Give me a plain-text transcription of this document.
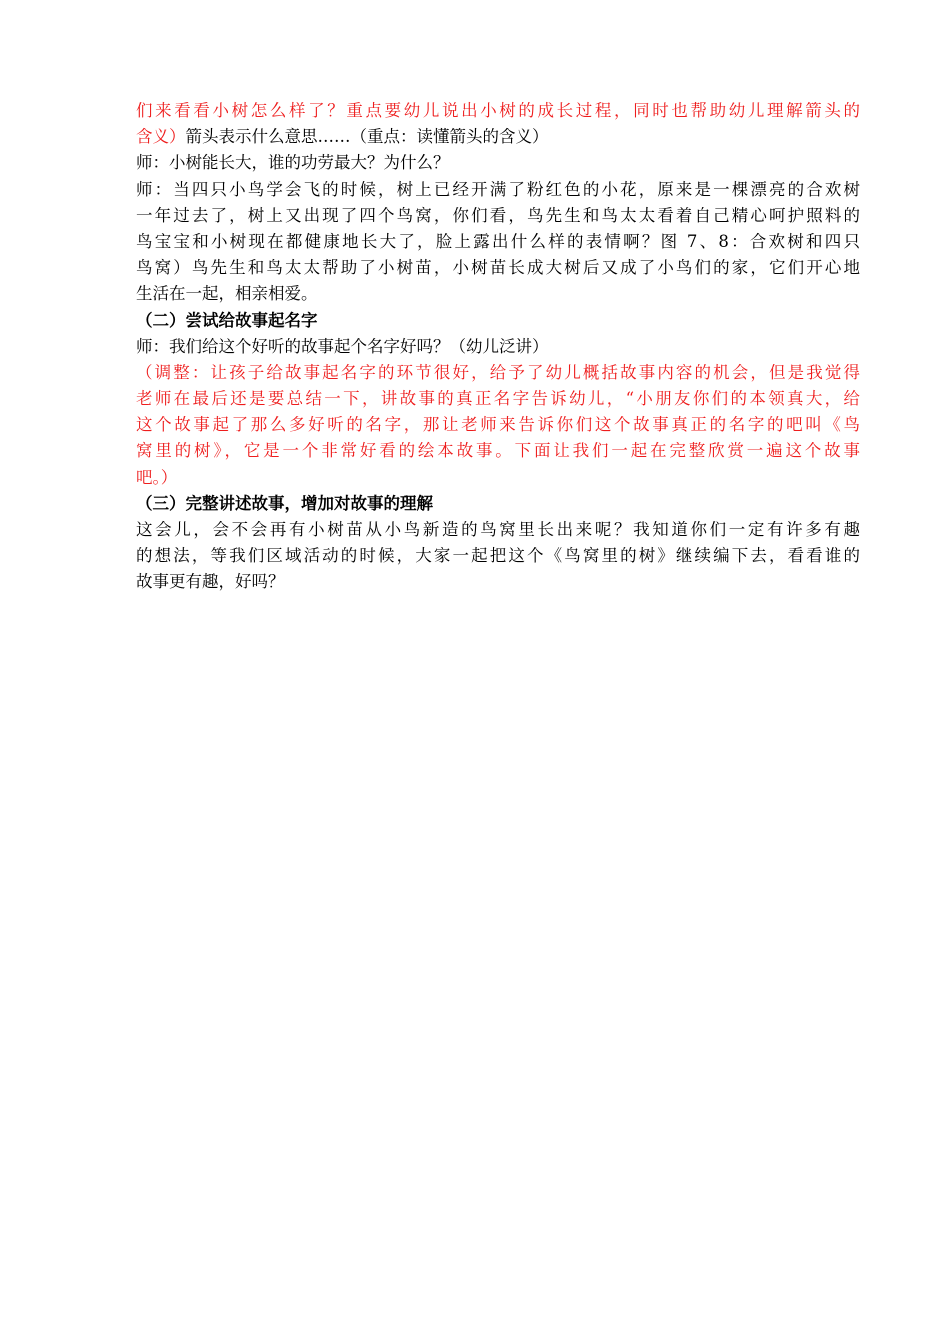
们来看看小树怎么样了？重点要幼儿说出小树的成长过程，同时也帮助幼儿理解箭头的
含义）箭头表示什么意思……（重点：读懂箭头的含义）
师：小树能长大，谁的功劳最大？为什么？
师：当四只小鸟学会飞的时候，树上已经开满了粉红色的小花，原来是一棵漂亮的合欢树
一年过去了，树上又出现了四个鸟窝，你们看，鸟先生和鸟太太看着自己精心呵护照料的
鸟宝宝和小树现在都健康地长大了，脸上露出什么样的表情啊？图 7、8：合欢树和四只
鸟窝）鸟先生和鸟太太帮助了小树苗，小树苗长成大树后又成了小鸟们的家，它们开心地
生活在一起，相亲相爱。
（二）尝试给故事起名字
师：我们给这个好听的故事起个名字好吗？（幼儿泛讲）
（调整：让孩子给故事起名字的环节很好，给予了幼儿概括故事内容的机会，但是我觉得
老师在最后还是要总结一下，讲故事的真正名字告诉幼儿，“小朋友你们的本领真大，给
这个故事起了那么多好听的名字，那让老师来告诉你们这个故事真正的名字的吧叫《鸟
窝里的树》，它是一个非常好看的绘本故事。下面让我们一起在完整欣赏一遍这个故事
吧。）
（三）完整讲述故事，增加对故事的理解
这会儿，会不会再有小树苗从小鸟新造的鸟窝里长出来呢？我知道你们一定有许多有趣
的想法，等我们区域活动的时候，大家一起把这个《鸟窝里的树》继续编下去，看看谁的
故事更有趣，好吗？
